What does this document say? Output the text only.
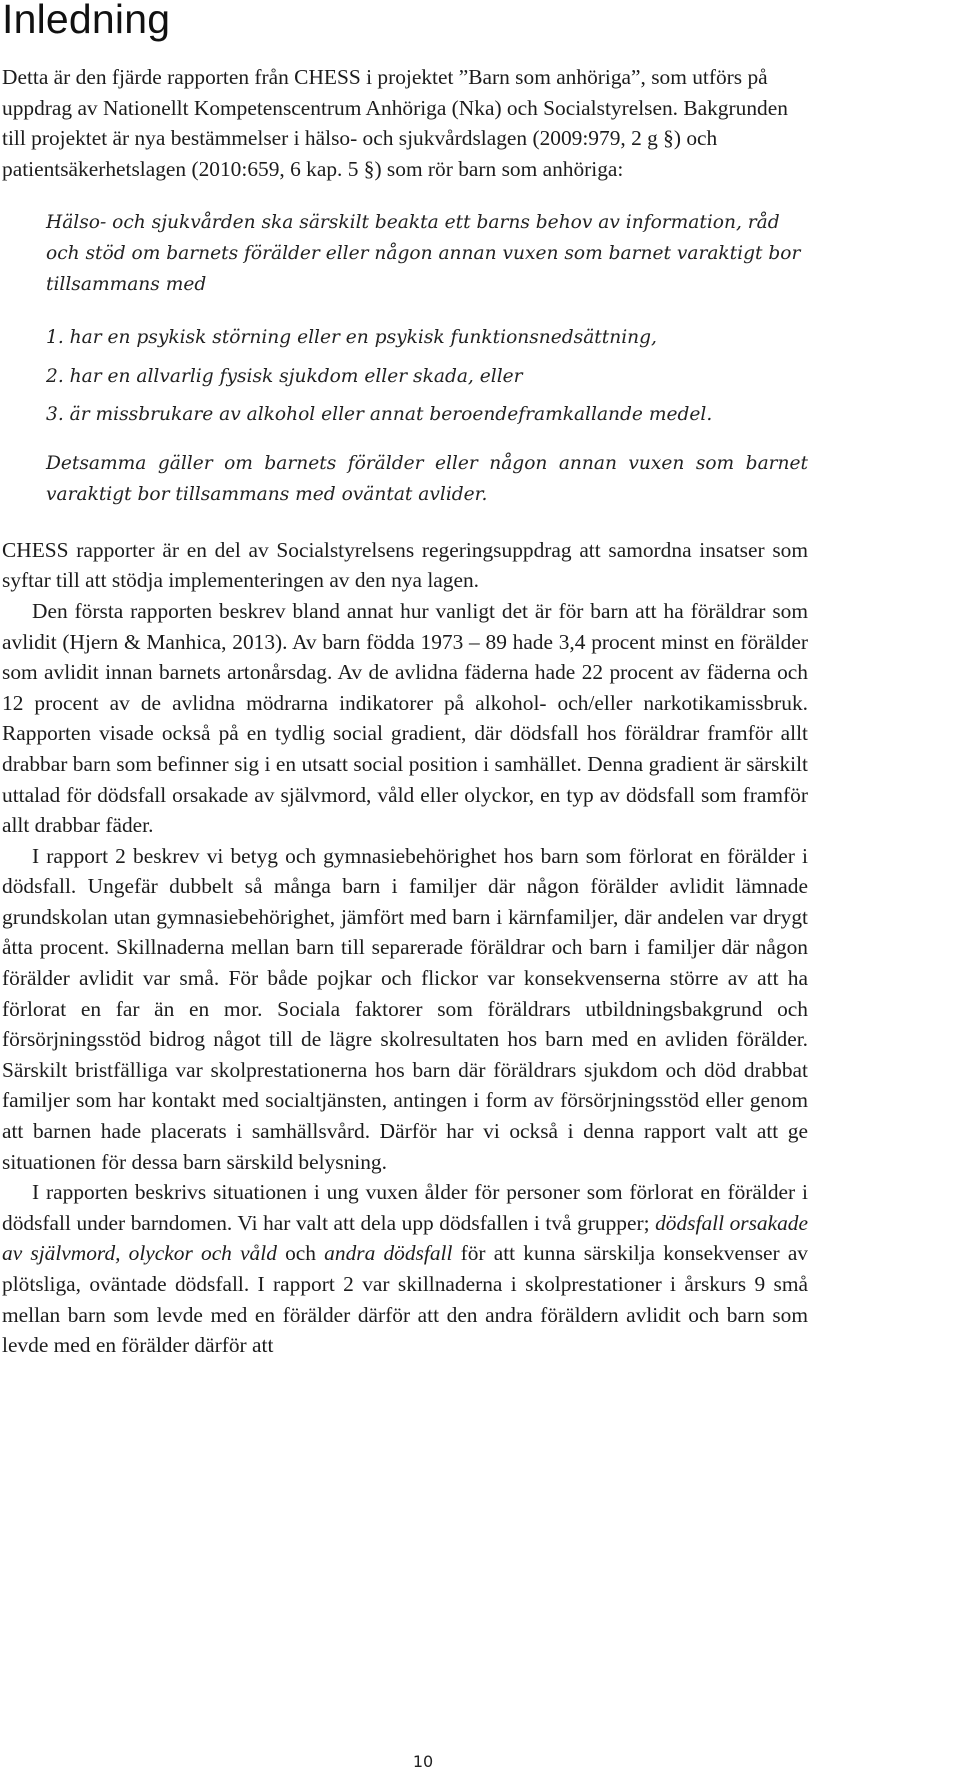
Inledning

Detta är den fjärde rapporten från CHESS i projektet ”Barn som anhöriga”, som utförs på uppdrag av Nationellt Kompetenscentrum Anhöriga (Nka) och Socialstyrelsen. Bakgrunden till projektet är nya bestämmelser i hälso- och sjukvårdslagen (2009:979, 2 g §) och patientsäkerhetslagen (2010:659, 6 kap. 5 §) som rör barn som anhöriga:

Hälso- och sjukvården ska särskilt beakta ett barns behov av information, råd och stöd om barnets förälder eller någon annan vuxen som barnet varaktigt bor tillsammans med

1. har en psykisk störning eller en psykisk funktionsnedsättning,
2. har en allvarlig fysisk sjukdom eller skada, eller
3. är missbrukare av alkohol eller annat beroendeframkallande medel.

Detsamma gäller om barnets förälder eller någon annan vuxen som barnet varaktigt bor tillsammans med oväntat avlider.

CHESS rapporter är en del av Socialstyrelsens regeringsuppdrag att samordna insatser som syftar till att stödja implementeringen av den nya lagen.

Den första rapporten beskrev bland annat hur vanligt det är för barn att ha föräldrar som avlidit (Hjern & Manhica, 2013). Av barn födda 1973 – 89 hade 3,4 procent minst en förälder som avlidit innan barnets artonårsdag. Av de avlidna fäderna hade 22 procent av fäderna och 12 procent av de avlidna mödrarna indikatorer på alkohol- och/eller narkotikamissbruk. Rapporten visade också på en tydlig social gradient, där dödsfall hos föräldrar framför allt drabbar barn som befinner sig i en utsatt social position i samhället. Denna gradient är särskilt uttalad för dödsfall orsakade av självmord, våld eller olyckor, en typ av dödsfall som framför allt drabbar fäder.

I rapport 2 beskrev vi betyg och gymnasiebehörighet hos barn som förlorat en förälder i dödsfall. Ungefär dubbelt så många barn i familjer där någon förälder avlidit lämnade grundskolan utan gymnasiebehörighet, jämfört med barn i kärnfamiljer, där andelen var drygt åtta procent. Skillnaderna mellan barn till separerade föräldrar och barn i familjer där någon förälder avlidit var små. För både pojkar och flickor var konsekvenserna större av att ha förlorat en far än en mor. Sociala faktorer som föräldrars utbildningsbakgrund och försörjningsstöd bidrog något till de lägre skolresultaten hos barn med en avliden förälder. Särskilt bristfälliga var skolprestationerna hos barn där föräldrars sjukdom och död drabbat familjer som har kontakt med socialtjänsten, antingen i form av försörjningsstöd eller genom att barnen hade placerats i samhällsvård. Därför har vi också i denna rapport valt att ge situationen för dessa barn särskild belysning.

I rapporten beskrivs situationen i ung vuxen ålder för personer som förlorat en förälder i dödsfall under barndomen. Vi har valt att dela upp dödsfallen i två grupper; dödsfall orsakade av självmord, olyckor och våld och andra dödsfall för att kunna särskilja konsekvenser av plötsliga, oväntade dödsfall. I rapport 2 var skillnaderna i skolprestationer i årskurs 9 små mellan barn som levde med en förälder därför att den andra föräldern avlidit och barn som levde med en förälder därför att

10
